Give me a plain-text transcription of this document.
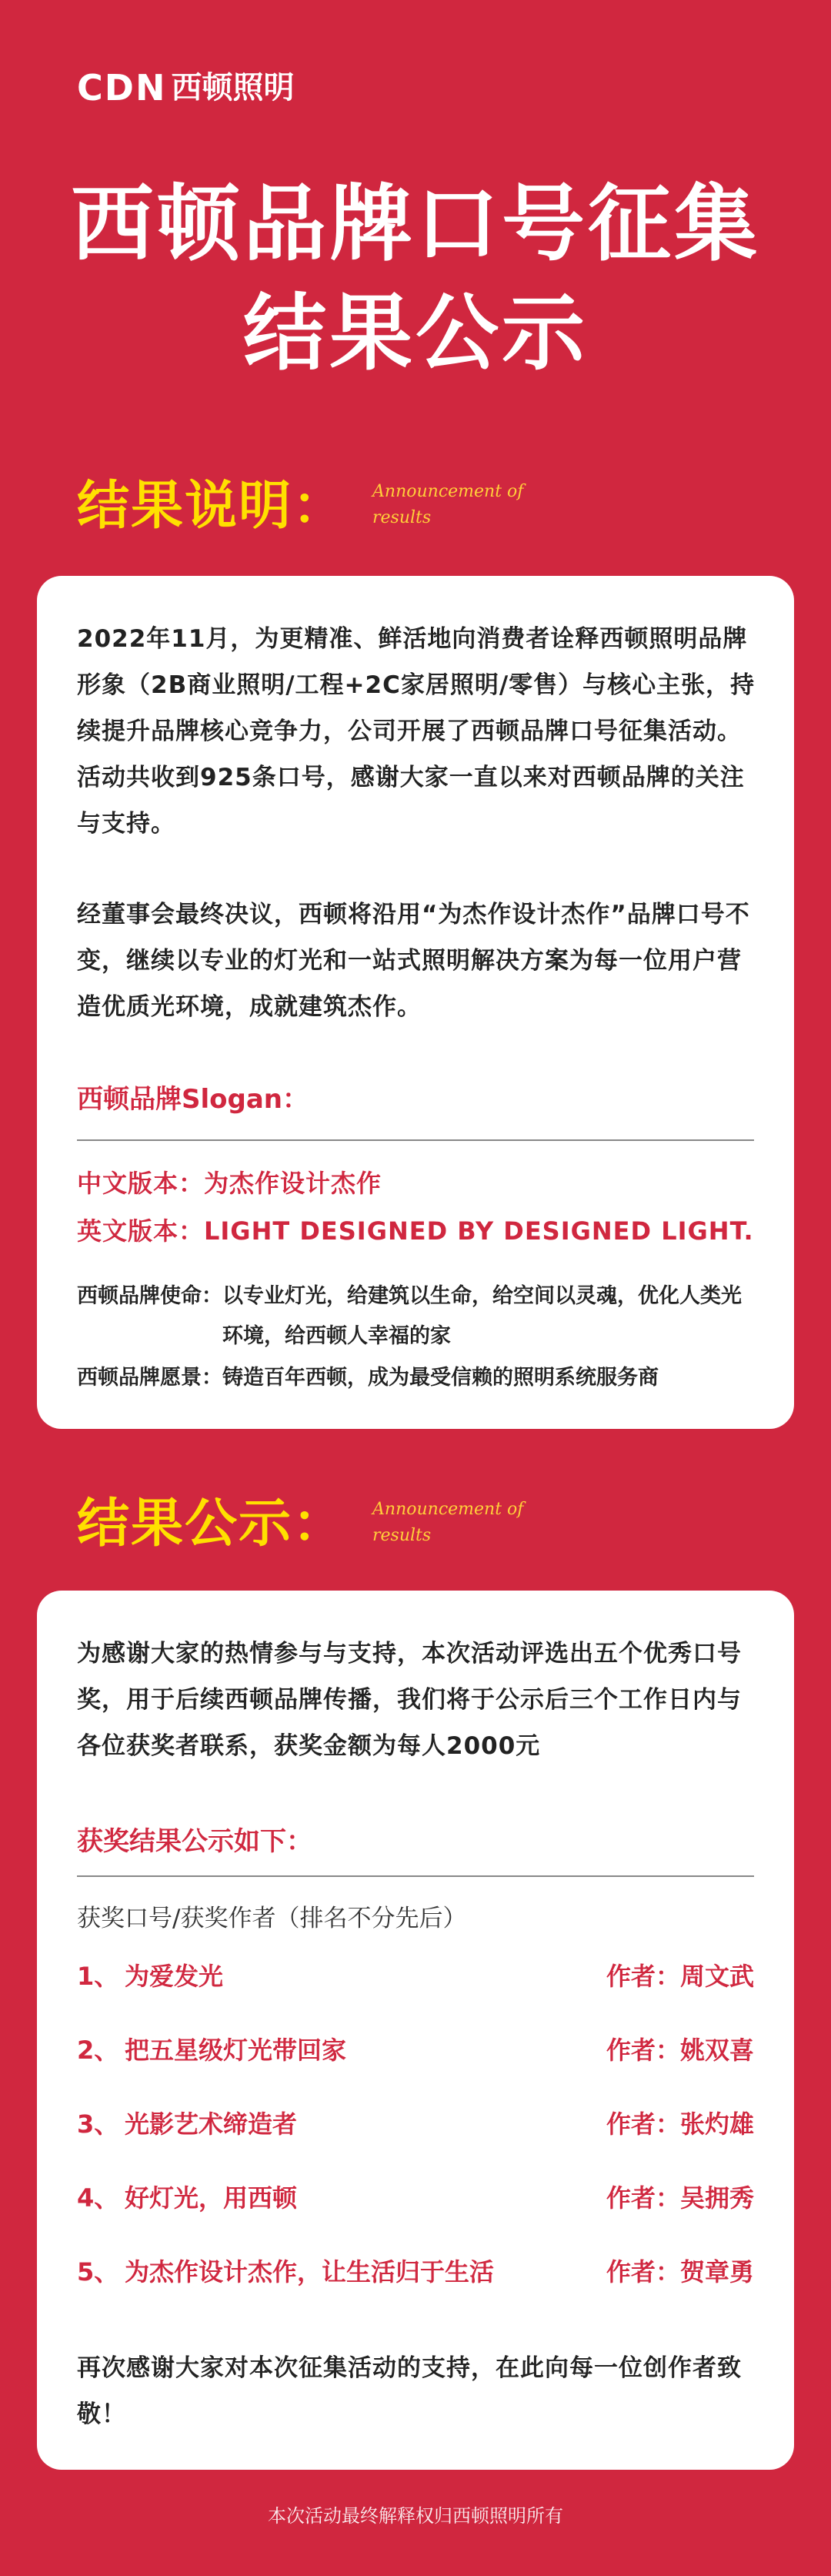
CDN 西顿照明
西顿品牌口号征集
结果公示
结果说明： Announcement of results
2022年11月，为更精准、鲜活地向消费者诠释西顿照明品牌形象（2B商业照明/工程+2C家居照明/零售）与核心主张，持续提升品牌核心竞争力，公司开展了西顿品牌口号征集活动。活动共收到925条口号，感谢大家一直以来对西顿品牌的关注与支持。
经董事会最终决议，西顿将沿用“为杰作设计杰作”品牌口号不变，继续以专业的灯光和一站式照明解决方案为每一位用户营造优质光环境，成就建筑杰作。
西顿品牌Slogan：
中文版本：为杰作设计杰作
英文版本：LIGHT DESIGNED BY DESIGNED LIGHT.
西顿品牌使命： 以专业灯光，给建筑以生命，给空间以灵魂，优化人类光环境，给西顿人幸福的家
西顿品牌愿景：铸造百年西顿，成为最受信赖的照明系统服务商
结果公示： Announcement of results
为感谢大家的热情参与与支持，本次活动评选出五个优秀口号奖，用于后续西顿品牌传播，我们将于公示后三个工作日内与各位获奖者联系，获奖金额为每人2000元
获奖结果公示如下：
获奖口号/获奖作者（排名不分先后）
1、 为爱发光	作者：周文武
2、 把五星级灯光带回家	作者：姚双喜
3、 光影艺术缔造者	作者：张灼雄
4、 好灯光，用西顿	作者：吴拥秀
5、 为杰作设计杰作，让生活归于生活	作者：贺章勇
再次感谢大家对本次征集活动的支持，在此向每一位创作者致敬！
本次活动最终解释权归西顿照明所有
